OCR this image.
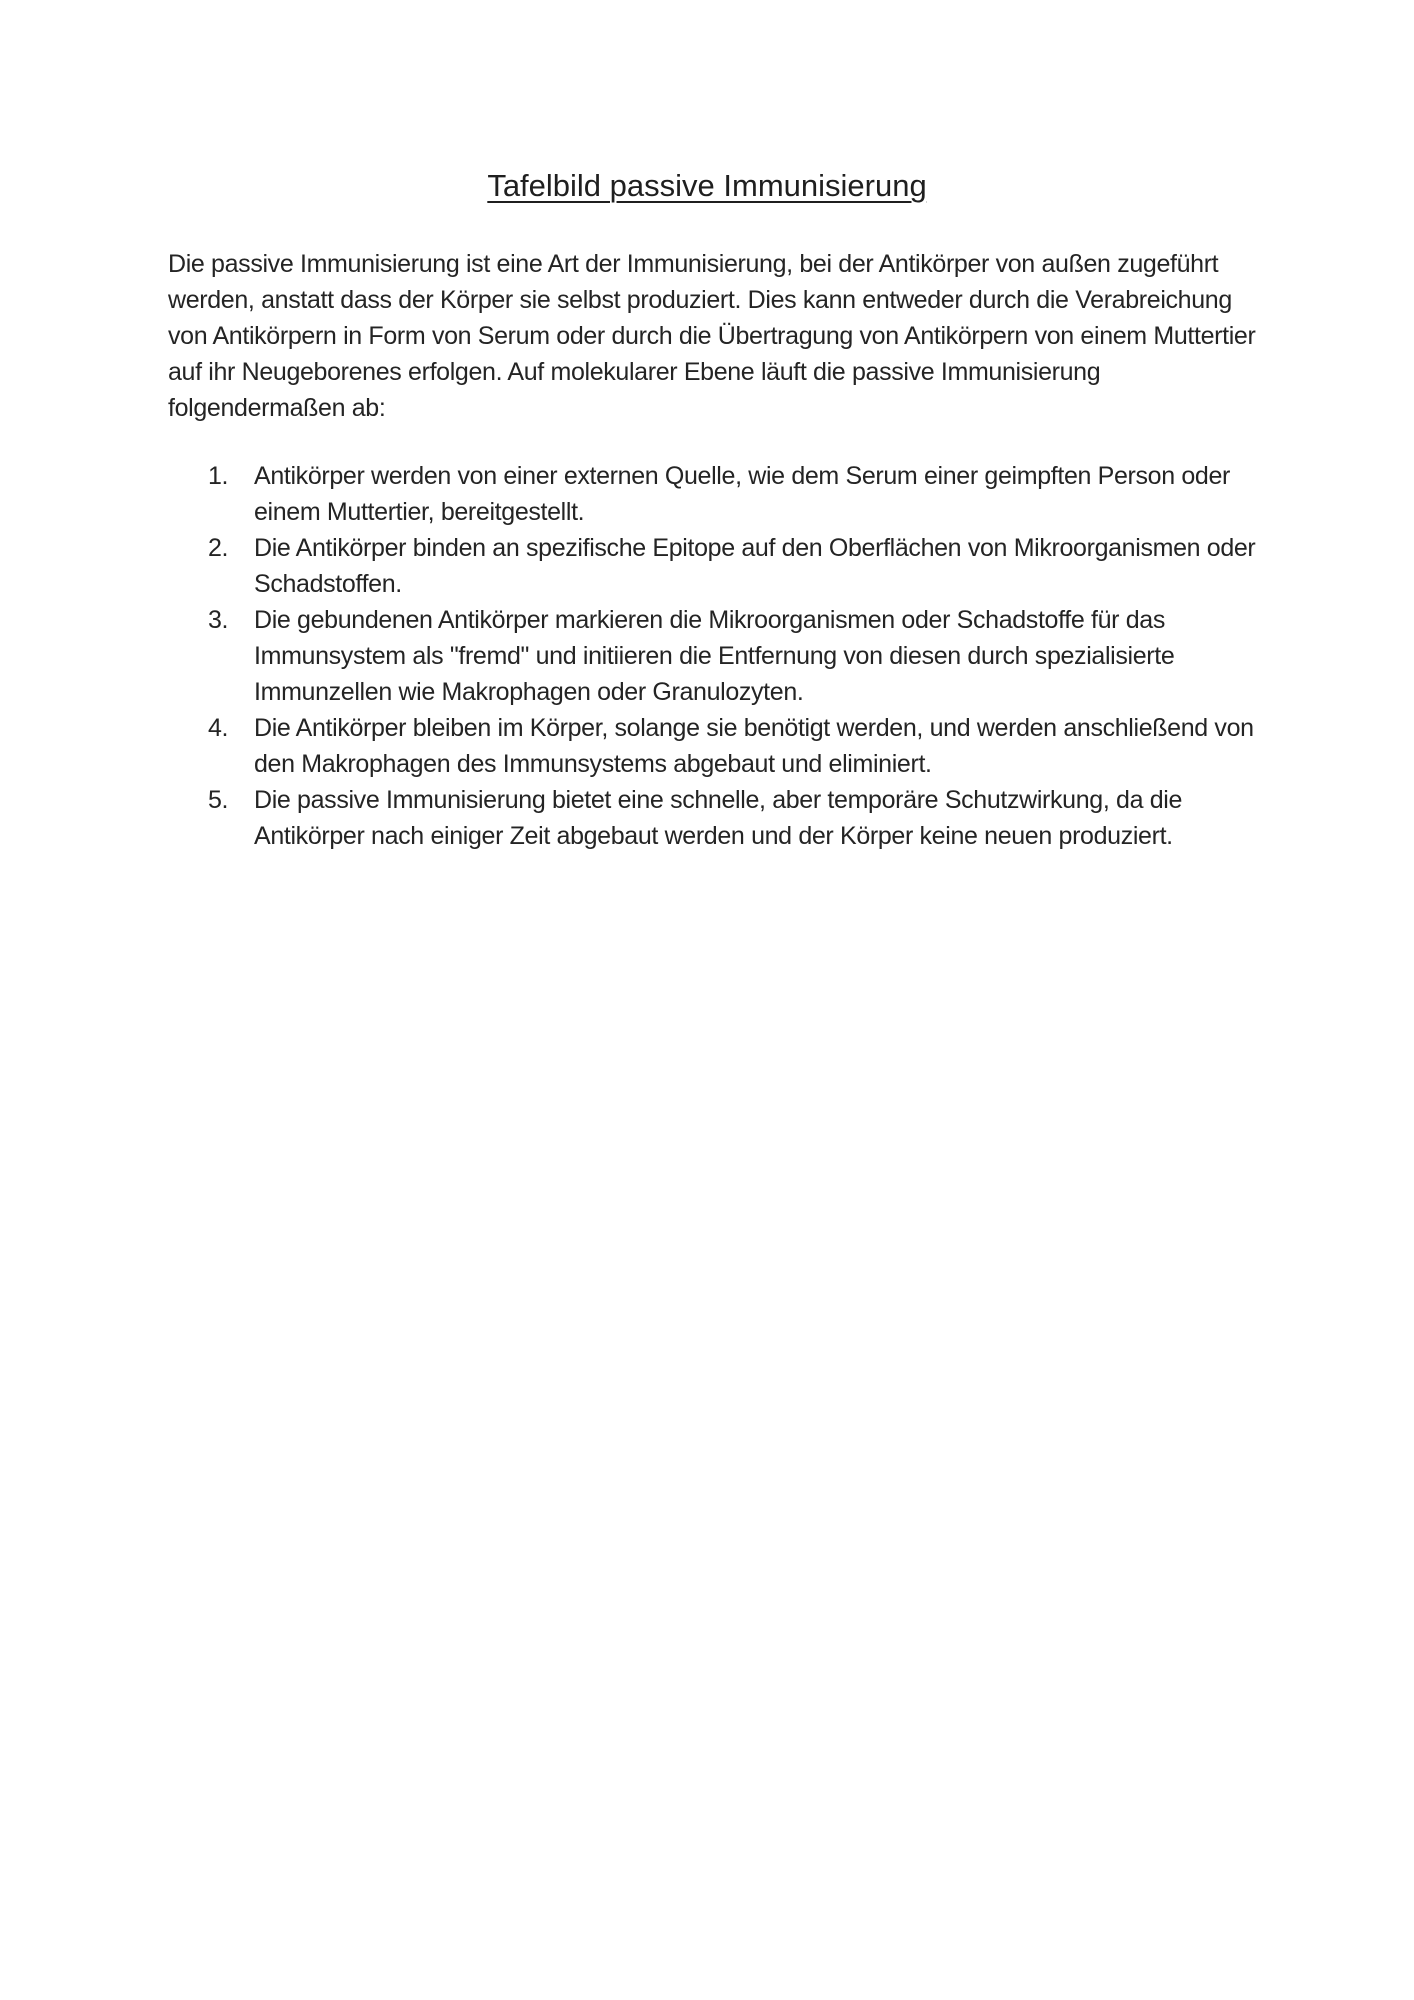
Tafelbild passive Immunisierung

Die passive Immunisierung ist eine Art der Immunisierung, bei der Antikörper von außen zugeführt werden, anstatt dass der Körper sie selbst produziert. Dies kann entweder durch die Verabreichung von Antikörpern in Form von Serum oder durch die Übertragung von Antikörpern von einem Muttertier auf ihr Neugeborenes erfolgen. Auf molekularer Ebene läuft die passive Immunisierung folgendermaßen ab:

1. Antikörper werden von einer externen Quelle, wie dem Serum einer geimpften Person oder einem Muttertier, bereitgestellt.
2. Die Antikörper binden an spezifische Epitope auf den Oberflächen von Mikroorganismen oder Schadstoffen.
3. Die gebundenen Antikörper markieren die Mikroorganismen oder Schadstoffe für das Immunsystem als "fremd" und initiieren die Entfernung von diesen durch spezialisierte Immunzellen wie Makrophagen oder Granulozyten.
4. Die Antikörper bleiben im Körper, solange sie benötigt werden, und werden anschließend von den Makrophagen des Immunsystems abgebaut und eliminiert.
5. Die passive Immunisierung bietet eine schnelle, aber temporäre Schutzwirkung, da die Antikörper nach einiger Zeit abgebaut werden und der Körper keine neuen produziert.
